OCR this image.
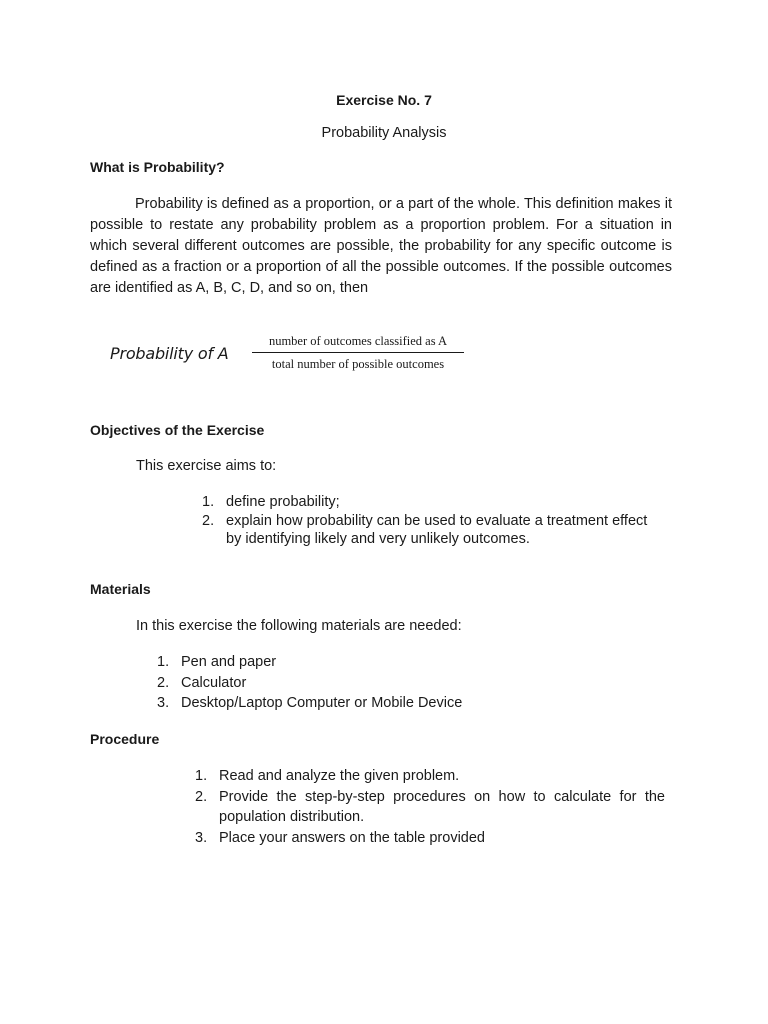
Exercise No. 7
Probability Analysis
What is Probability?

Probability is defined as a proportion, or a part of the whole. This definition makes it possible to restate any probability problem as a proportion problem. For a situation in which several different outcomes are possible, the probability for any specific outcome is defined as a fraction or a proportion of all the possible outcomes. If the possible outcomes are identified as A, B, C, D, and so on, then

Probability of A
number of outcomes classified as A
total number of possible outcomes
Objectives of the Exercise
This exercise aims to:
1. define probability;
2. explain how probability can be used to evaluate a treatment effect by identifying likely and very unlikely outcomes.
Materials
In this exercise the following materials are needed:
1. Pen and paper
2. Calculator
3. Desktop/Laptop Computer or Mobile Device
Procedure
1. Read and analyze the given problem.
2. Provide the step-by-step procedures on how to calculate for the population distribution.
3. Place your answers on the table provided
